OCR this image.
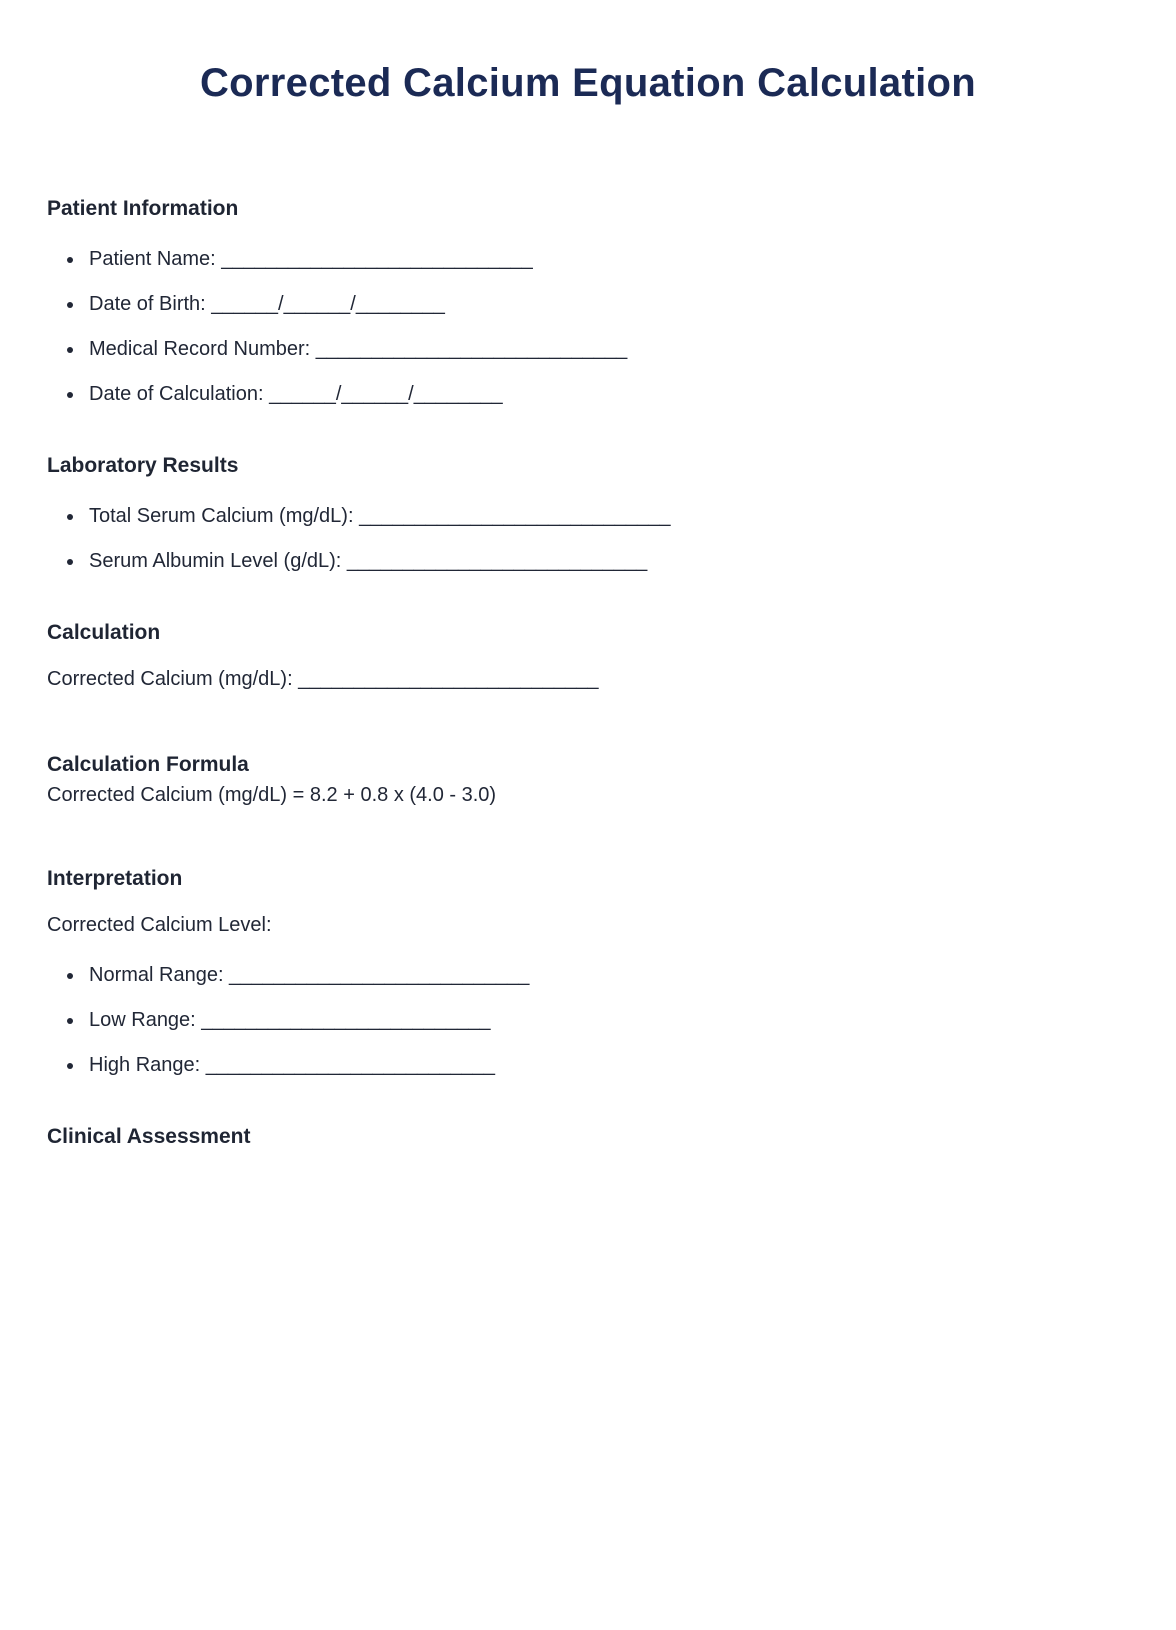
Corrected Calcium Equation Calculation
Patient Information
• Patient Name: ____________________________
• Date of Birth: ______/______/________
• Medical Record Number: ____________________________
• Date of Calculation: ______/______/________
Laboratory Results
• Total Serum Calcium (mg/dL): ____________________________
• Serum Albumin Level (g/dL): ___________________________
Calculation

Corrected Calcium (mg/dL): ___________________________

Calculation Formula

Corrected Calcium (mg/dL) = 8.2 + 0.8 x (4.0 - 3.0)

Interpretation

Corrected Calcium Level:

• Normal Range: ___________________________
• Low Range: __________________________
• High Range: __________________________
Clinical Assessment
